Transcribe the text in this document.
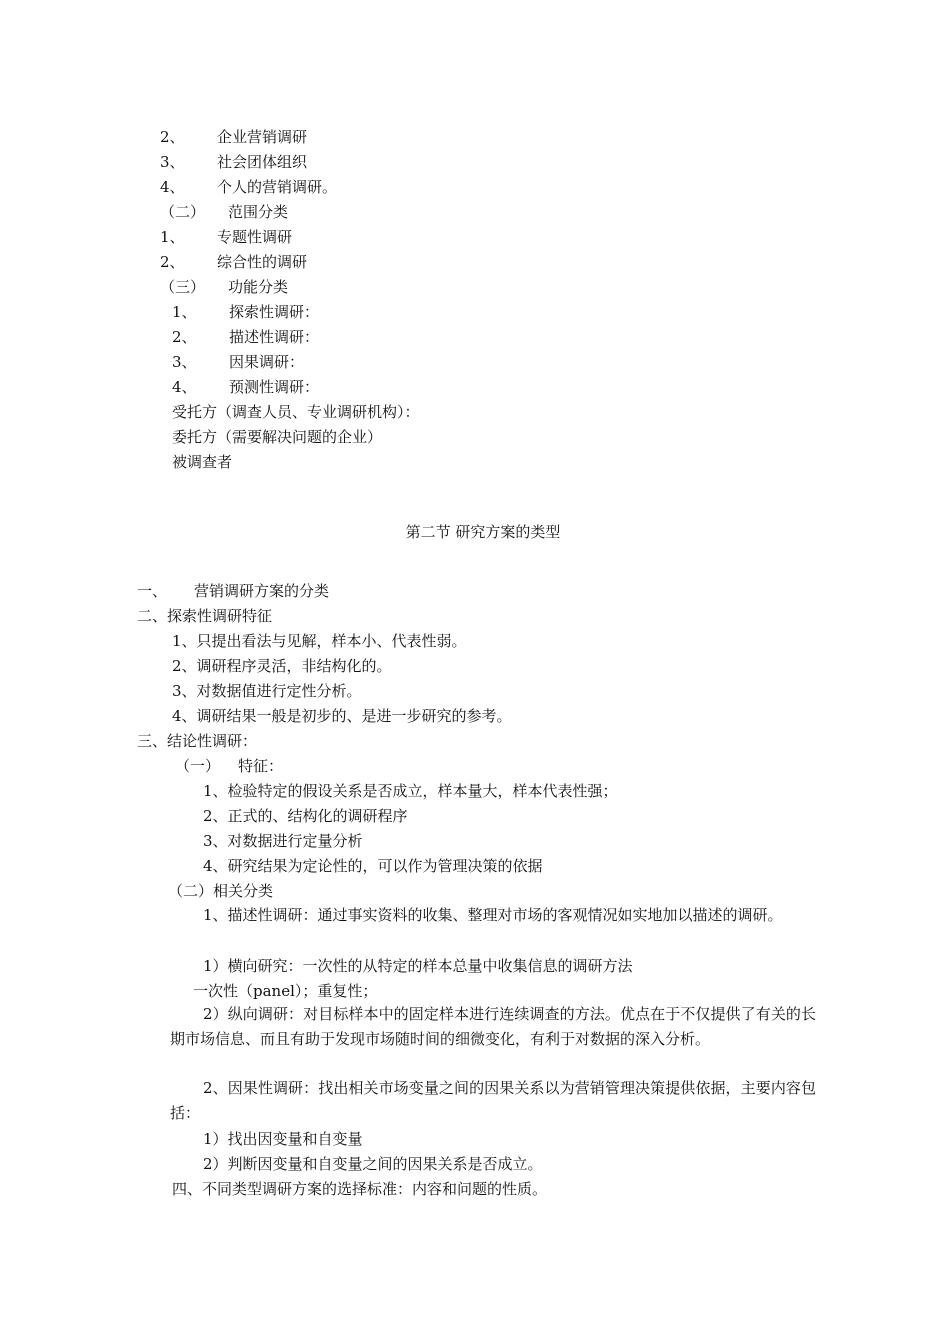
2、 企业营销调研
3、 社会团体组织
4、 个人的营销调研。
（二） 范围分类
1、 专题性调研
2、 综合性的调研
（三） 功能分类
1、 探索性调研：
2、 描述性调研：
3、 因果调研：
4、 预测性调研：
受托方（调查人员、专业调研机构）：
委托方（需要解决问题的企业）
被调查者
第二节 研究方案的类型
一、 营销调研方案的分类
二、探索性调研特征
1、只提出看法与见解，样本小、代表性弱。
2、调研程序灵活，非结构化的。
3、对数据值进行定性分析。
4、调研结果一般是初步的、是进一步研究的参考。
三、结论性调研：
（一） 特征：
1、检验特定的假设关系是否成立，样本量大，样本代表性强；
2、正式的、结构化的调研程序
3、对数据进行定量分析
4、研究结果为定论性的，可以作为管理决策的依据
（二）相关分类
1、描述性调研：通过事实资料的收集、整理对市场的客观情况如实地加以描述的调研。
1）横向研究：一次性的从特定的样本总量中收集信息的调研方法
一次性（panel）；重复性；
2）纵向调研：对目标样本中的固定样本进行连续调查的方法。优点在于不仅提供了有关的长期市场信息、而且有助于发现市场随时间的细微变化，有利于对数据的深入分析。
2、因果性调研：找出相关市场变量之间的因果关系以为营销管理决策提供依据，主要内容包括：
1）找出因变量和自变量
2）判断因变量和自变量之间的因果关系是否成立。
四、不同类型调研方案的选择标准：内容和问题的性质。
